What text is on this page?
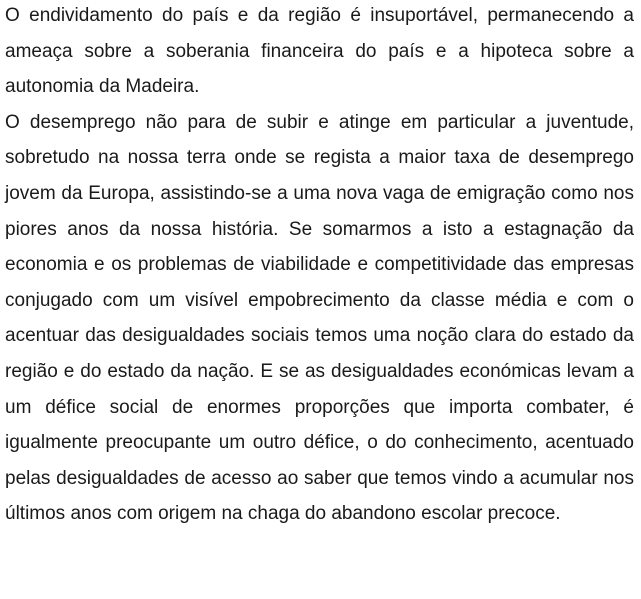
O endividamento do país e da região é insuportável, permanecendo a ameaça sobre a soberania financeira do país e a hipoteca sobre a autonomia da Madeira.

O desemprego não para de subir e atinge em particular a juventude, sobretudo na nossa terra onde se regista a maior taxa de desemprego jovem da Europa, assistindo-se a uma nova vaga de emigração como nos piores anos da nossa história. Se somarmos a isto a estagnação da economia e os problemas de viabilidade e competitividade das empresas conjugado com um visível empobrecimento da classe média e com o acentuar das desigualdades sociais temos uma noção clara do estado da região e do estado da nação. E se as desigualdades económicas levam a um défice social de enormes proporções que importa combater, é igualmente preocupante um outro défice, o do conhecimento, acentuado pelas desigualdades de acesso ao saber que temos vindo a acumular nos últimos anos com origem na chaga do abandono escolar precoce.
